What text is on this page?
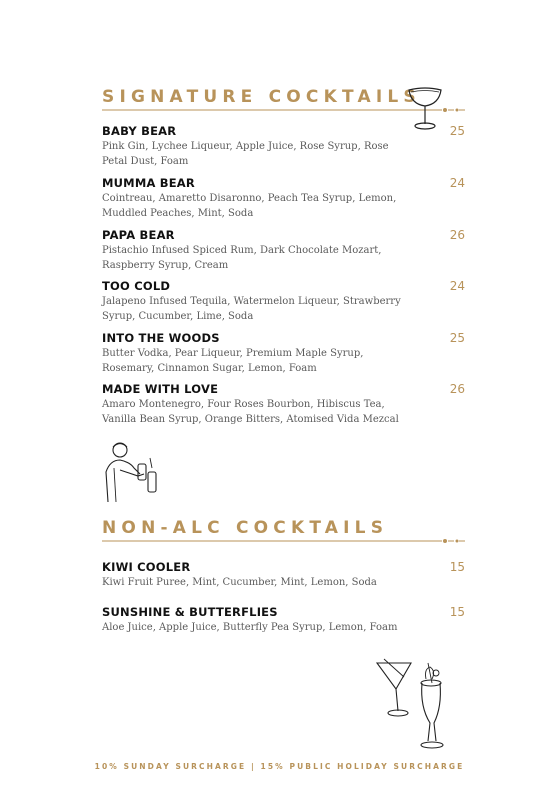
SIGNATURE COCKTAILS
BABY BEAR
Pink Gin, Lychee Liqueur, Apple Juice, Rose Syrup, Rose Petal Dust, Foam
25
MUMMA BEAR
Cointreau, Amaretto Disaronno, Peach Tea Syrup, Lemon, Muddled Peaches, Mint, Soda
24
PAPA BEAR
Pistachio Infused Spiced Rum, Dark Chocolate Mozart, Raspberry Syrup, Cream
26
TOO COLD
Jalapeno Infused Tequila, Watermelon Liqueur, Strawberry Syrup, Cucumber, Lime, Soda
24
INTO THE WOODS
Butter Vodka, Pear Liqueur, Premium Maple Syrup, Rosemary, Cinnamon Sugar, Lemon, Foam
25
MADE WITH LOVE
Amaro Montenegro, Four Roses Bourbon, Hibiscus Tea, Vanilla Bean Syrup, Orange Bitters, Atomised Vida Mezcal
26
NON-ALC COCKTAILS
KIWI COOLER
Kiwi Fruit Puree, Mint, Cucumber, Mint, Lemon, Soda
15
SUNSHINE & BUTTERFLIES
Aloe Juice, Apple Juice, Butterfly Pea Syrup, Lemon, Foam
15
10% SUNDAY SURCHARGE | 15% PUBLIC HOLIDAY SURCHARGE
